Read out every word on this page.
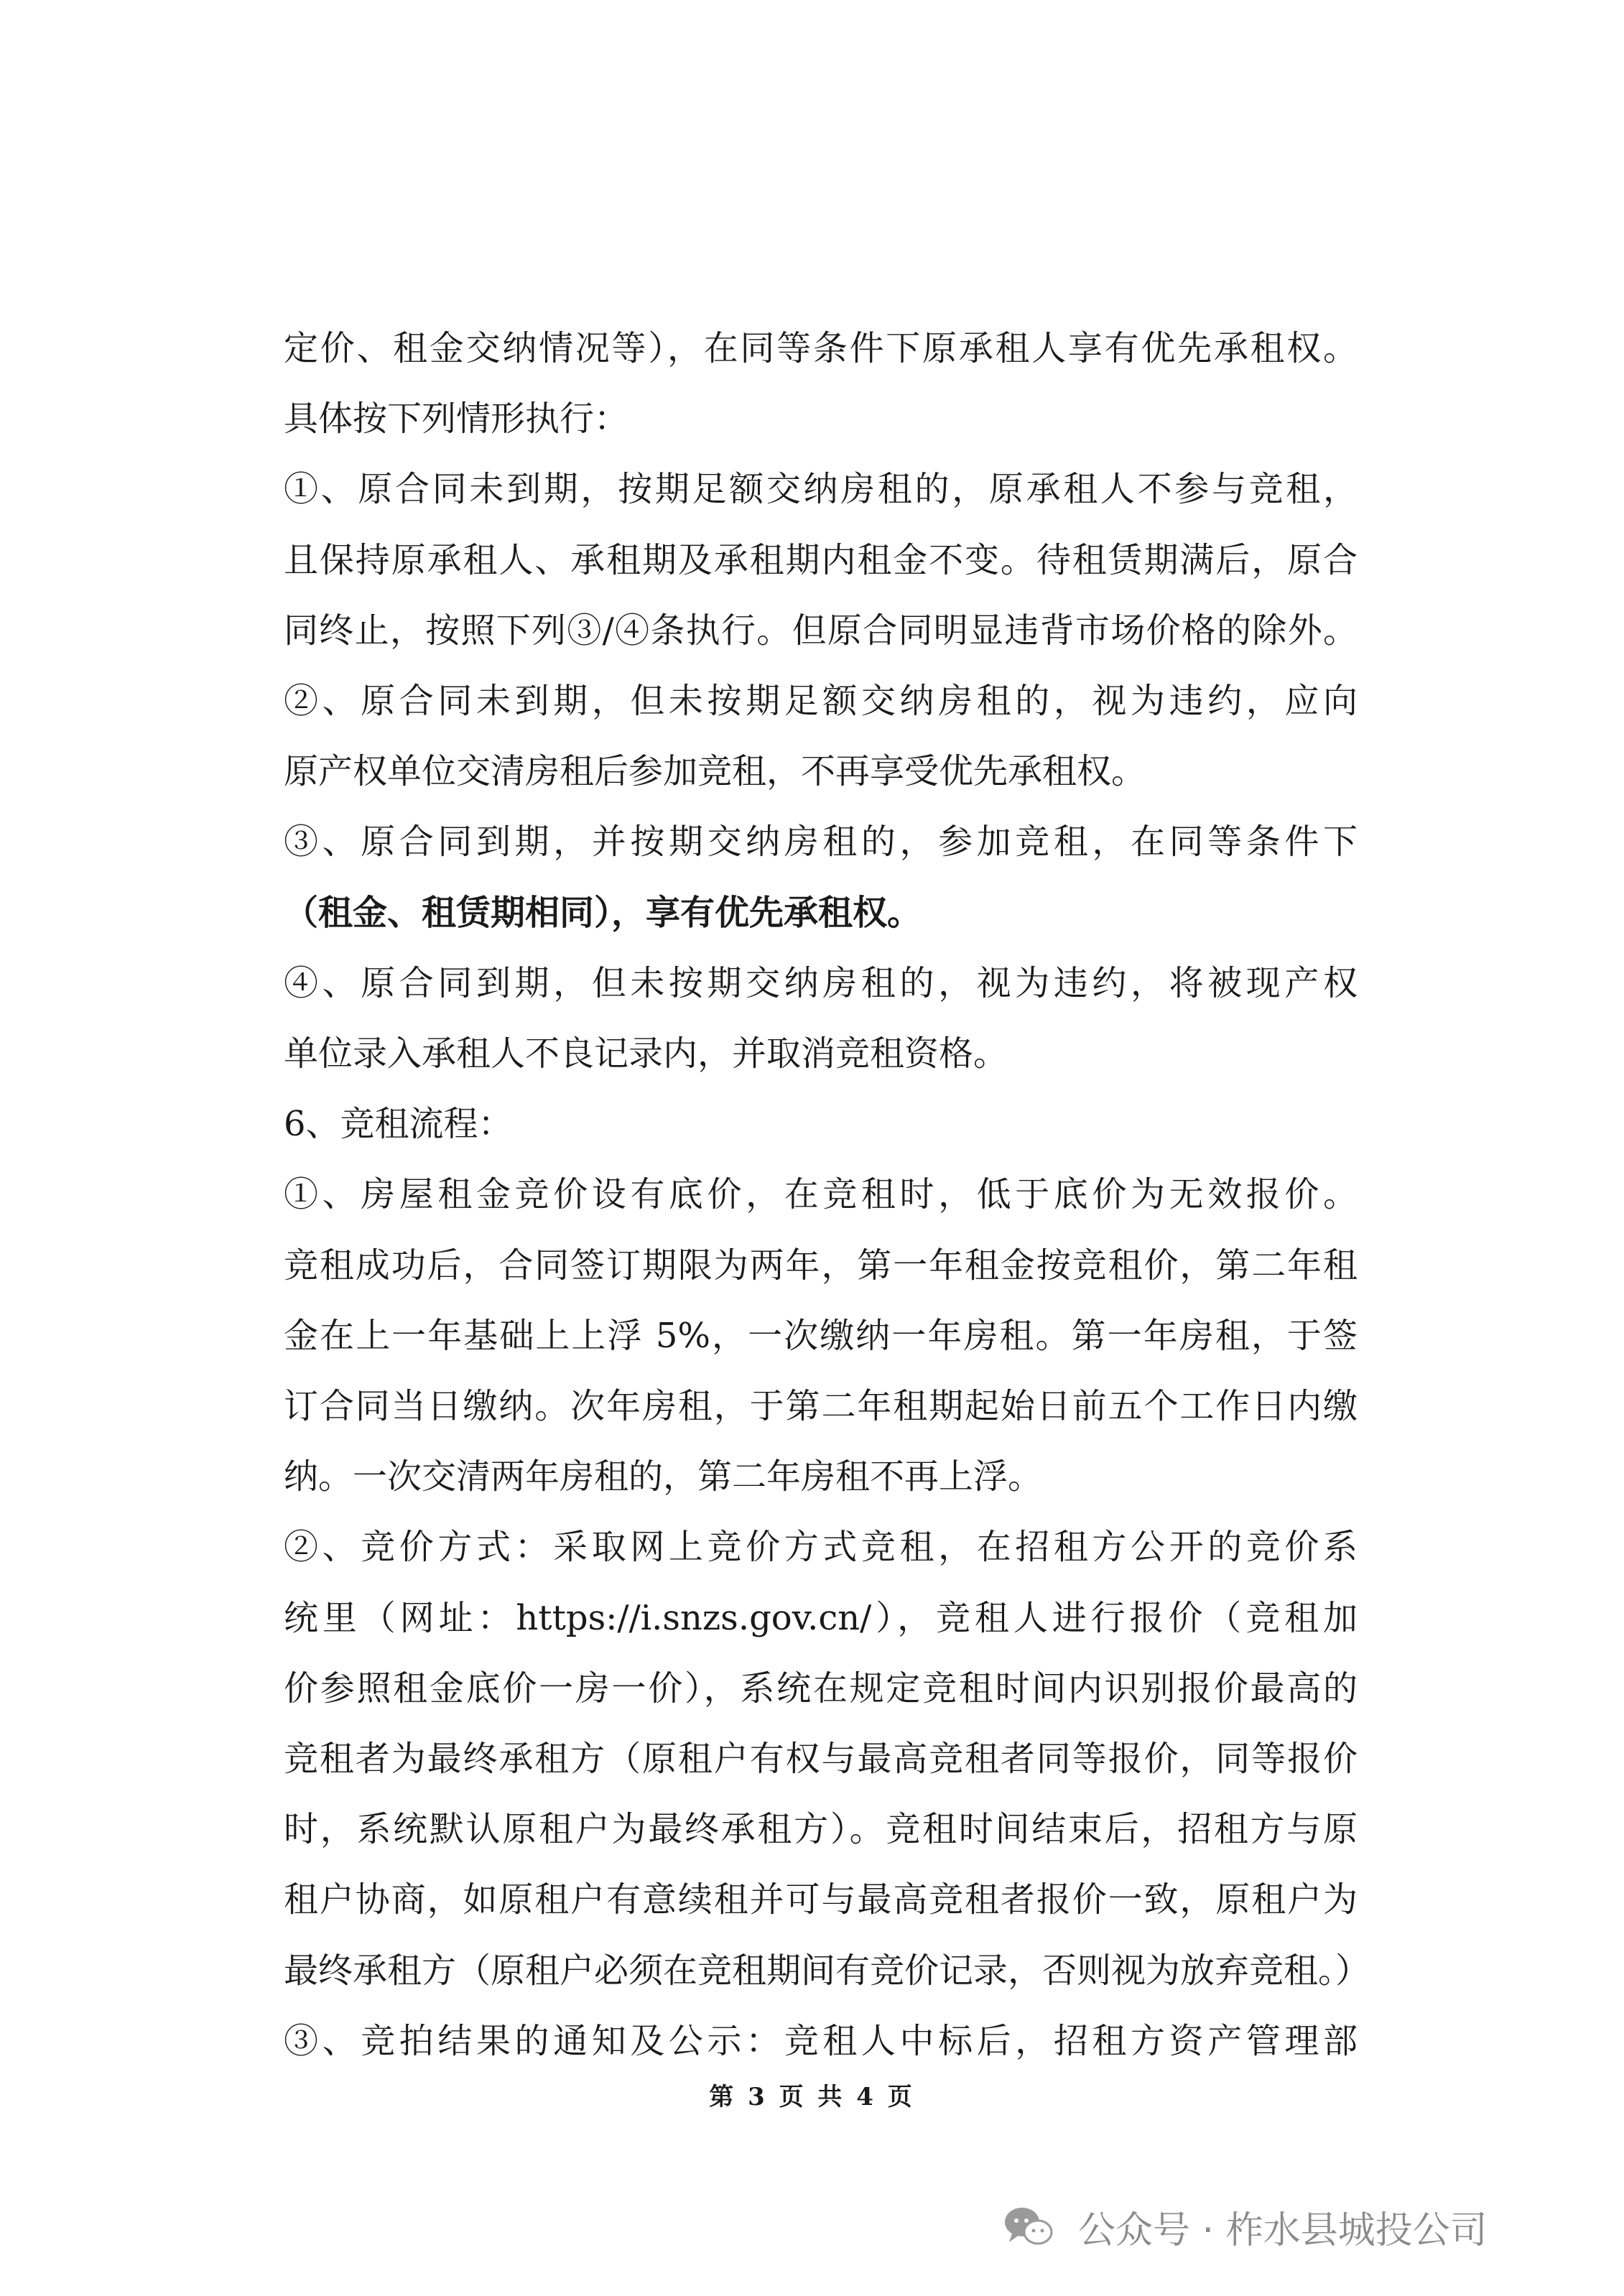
定价、租金交纳情况等），在同等条件下原承租人享有优先承租权。
具体按下列情形执行：
①、原合同未到期，按期足额交纳房租的，原承租人不参与竞租，
且保持原承租人、承租期及承租期内租金不变。待租赁期满后，原合
同终止，按照下列③/④条执行。但原合同明显违背市场价格的除外。
②、原合同未到期，但未按期足额交纳房租的，视为违约，应向
原产权单位交清房租后参加竞租，不再享受优先承租权。
③、原合同到期，并按期交纳房租的，参加竞租，在同等条件下
（租金、租赁期相同），享有优先承租权。
④、原合同到期，但未按期交纳房租的，视为违约，将被现产权
单位录入承租人不良记录内，并取消竞租资格。
6、竞租流程：
①、房屋租金竞价设有底价，在竞租时，低于底价为无效报价。
竞租成功后，合同签订期限为两年，第一年租金按竞租价，第二年租
金在上一年基础上上浮 5%，一次缴纳一年房租。第一年房租，于签
订合同当日缴纳。次年房租，于第二年租期起始日前五个工作日内缴
纳。一次交清两年房租的，第二年房租不再上浮。
②、竞价方式：采取网上竞价方式竞租，在招租方公开的竞价系
统里（网址：https://i.snzs.gov.cn/），竞租人进行报价（竞租加
价参照租金底价一房一价），系统在规定竞租时间内识别报价最高的
竞租者为最终承租方（原租户有权与最高竞租者同等报价，同等报价
时，系统默认原租户为最终承租方）。竞租时间结束后，招租方与原
租户协商，如原租户有意续租并可与最高竞租者报价一致，原租户为
最终承租方（原租户必须在竞租期间有竞价记录，否则视为放弃竞租。）
③、竞拍结果的通知及公示：竞租人中标后，招租方资产管理部
第 3 页 共 4 页
公众号 · 柞水县城投公司
